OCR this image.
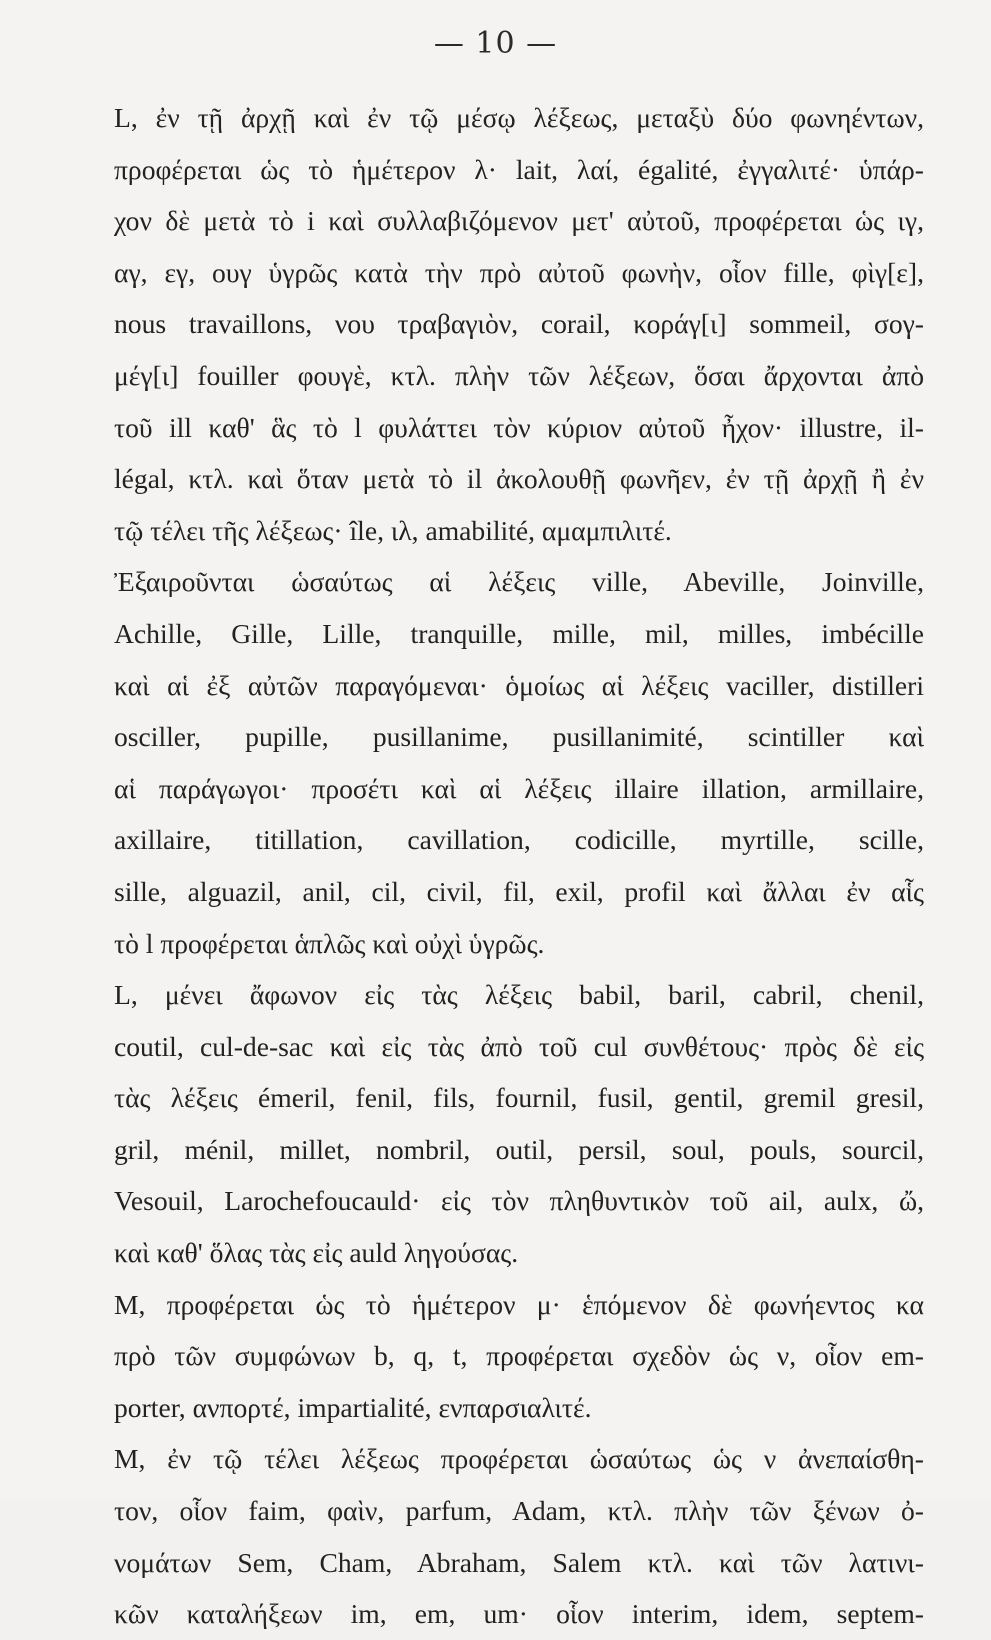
— 10 —
L, ἐν τῇ ἀρχῇ καὶ ἐν τῷ μέσῳ λέξεως, μεταξὺ δύο φωνηέντων,
προφέρεται ὡς τὸ ἡμέτερον λ· lait, λαί, égalité, ἐγγαλιτέ· ὑπάρ-
χον δὲ μετὰ τὸ i καὶ συλλαβιζόμενον μετ' αὐτοῦ, προφέρεται ὡς ιγ,
αγ, εγ, ουγ ὑγρῶς κατὰ τὴν πρὸ αὐτοῦ φωνὴν, οἷον fille, φὶγ[ε],
nous travaillons, νου τραβαγιὸν, corail, κοράγ[ι] sommeil, σογ-
μέγ[ι] fouiller φουγὲ, κτλ. πλὴν τῶν λέξεων, ὅσαι ἄρχονται ἀπὸ
τοῦ ill καθ' ἃς τὸ l φυλάττει τὸν κύριον αὐτοῦ ἦχον· illustre, il-
légal, κτλ. καὶ ὅταν μετὰ τὸ il ἀκολουθῇ φωνῆεν, ἐν τῇ ἀρχῇ ἢ ἐν
τῷ τέλει τῆς λέξεως· île, ιλ, amabilité, αμαμπιλιτέ.
Ἐξαιροῦνται ὡσαύτως αἱ λέξεις ville, Abeville, Joinville,
Achille, Gille, Lille, tranquille, mille, mil, milles, imbécille
καὶ αἱ ἐξ αὐτῶν παραγόμεναι· ὁμοίως αἱ λέξεις vaciller, distilleri
osciller, pupille, pusillanime, pusillanimité, scintiller καὶ
αἱ παράγωγοι· προσέτι καὶ αἱ λέξεις illaire illation, armillaire,
axillaire, titillation, cavillation, codicille, myrtille, scille,
sille, alguazil, anil, cil, civil, fil, exil, profil καὶ ἄλλαι ἐν αἷς
τὸ l προφέρεται ἁπλῶς καὶ οὐχὶ ὑγρῶς.
L, μένει ἄφωνον εἰς τὰς λέξεις babil, baril, cabril, chenil,
coutil, cul-de-sac καὶ εἰς τὰς ἀπὸ τοῦ cul συνθέτους· πρὸς δὲ εἰς
τὰς λέξεις émeril, fenil, fils, fournil, fusil, gentil, gremil gresil,
gril, ménil, millet, nombril, outil, persil, soul, pouls, sourcil,
Vesouil, Larochefoucauld· εἰς τὸν πληθυντικὸν τοῦ ail, aulx, ὤ,
καὶ καθ' ὅλας τὰς εἰς auld ληγούσας.
M, προφέρεται ὡς τὸ ἡμέτερον μ· ἑπόμενον δὲ φωνήεντος κα
πρὸ τῶν συμφώνων b, q, t, προφέρεται σχεδὸν ὡς ν, οἷον em-
porter, ανπορτέ, impartialité, ενπαρσιαλιτέ.
M, ἐν τῷ τέλει λέξεως προφέρεται ὡσαύτως ὡς ν ἀνεπαίσθη-
τον, οἷον faim, φαὶν, parfum, Adam, κτλ. πλὴν τῶν ξένων ὀ-
νομάτων Sem, Cham, Abraham, Salem κτλ. καὶ τῶν λατινι-
κῶν καταλήξεων im, em, um· οἷον interim, idem, septem-
